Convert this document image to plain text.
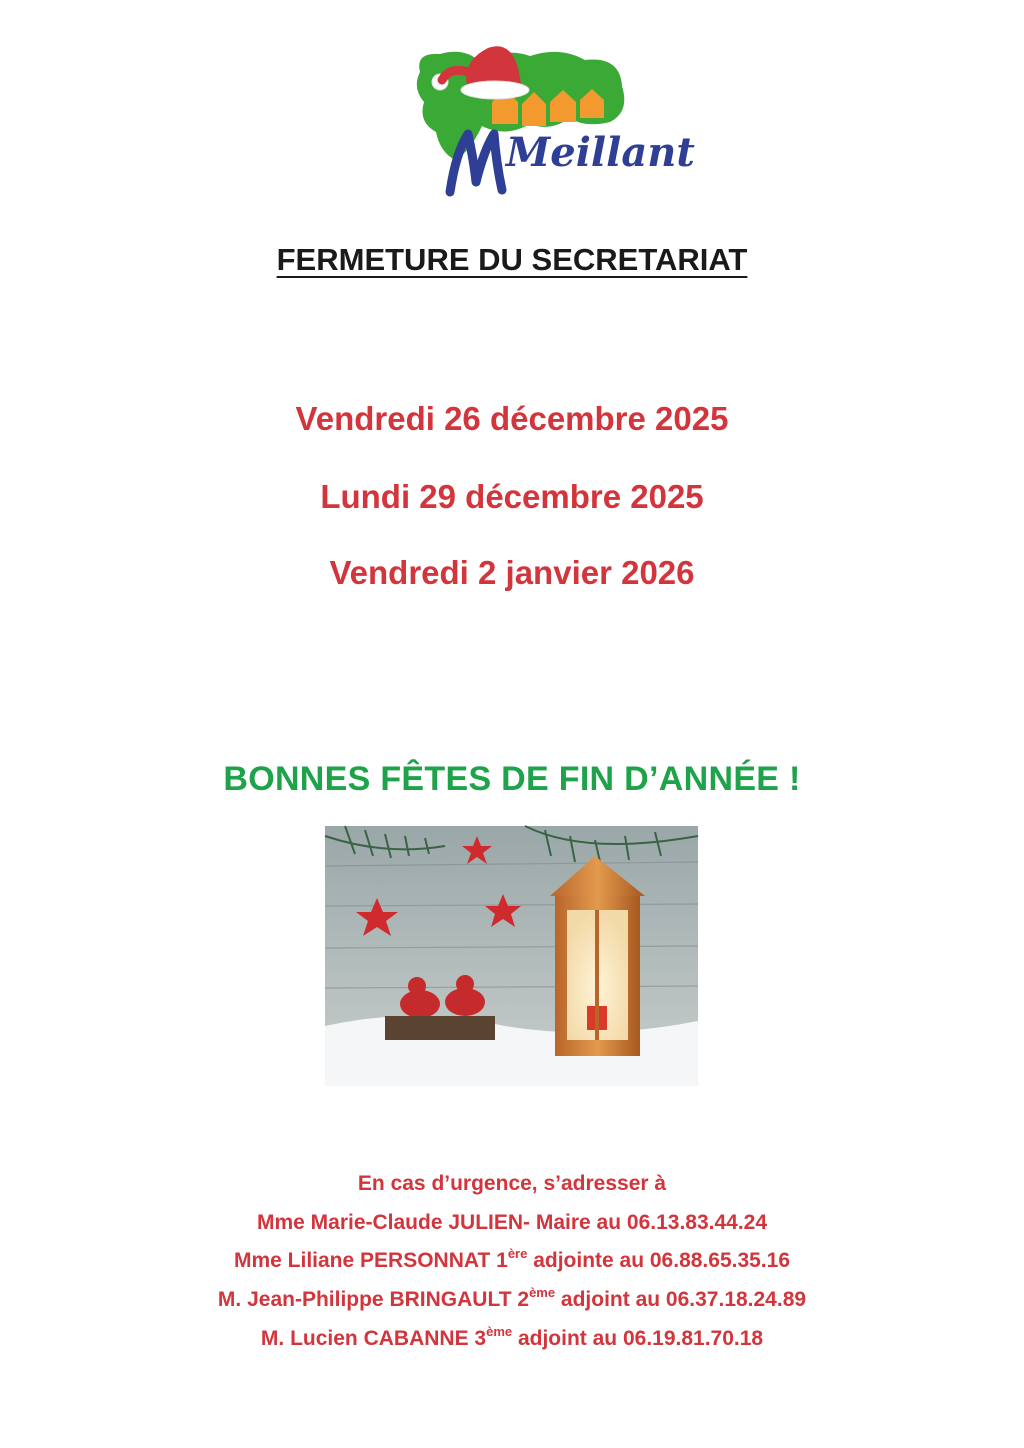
Meillant
FERMETURE DU SECRETARIAT
Vendredi 26 décembre 2025
Lundi 29 décembre 2025
Vendredi 2 janvier 2026
BONNES FÊTES DE FIN D’ANNÉE !
En cas d’urgence, s’adresser à
Mme Marie-Claude JULIEN- Maire au 06.13.83.44.24
Mme Liliane PERSONNAT 1ère adjointe au 06.88.65.35.16
M. Jean-Philippe BRINGAULT 2ème adjoint au 06.37.18.24.89
M. Lucien CABANNE 3ème adjoint au 06.19.81.70.18
